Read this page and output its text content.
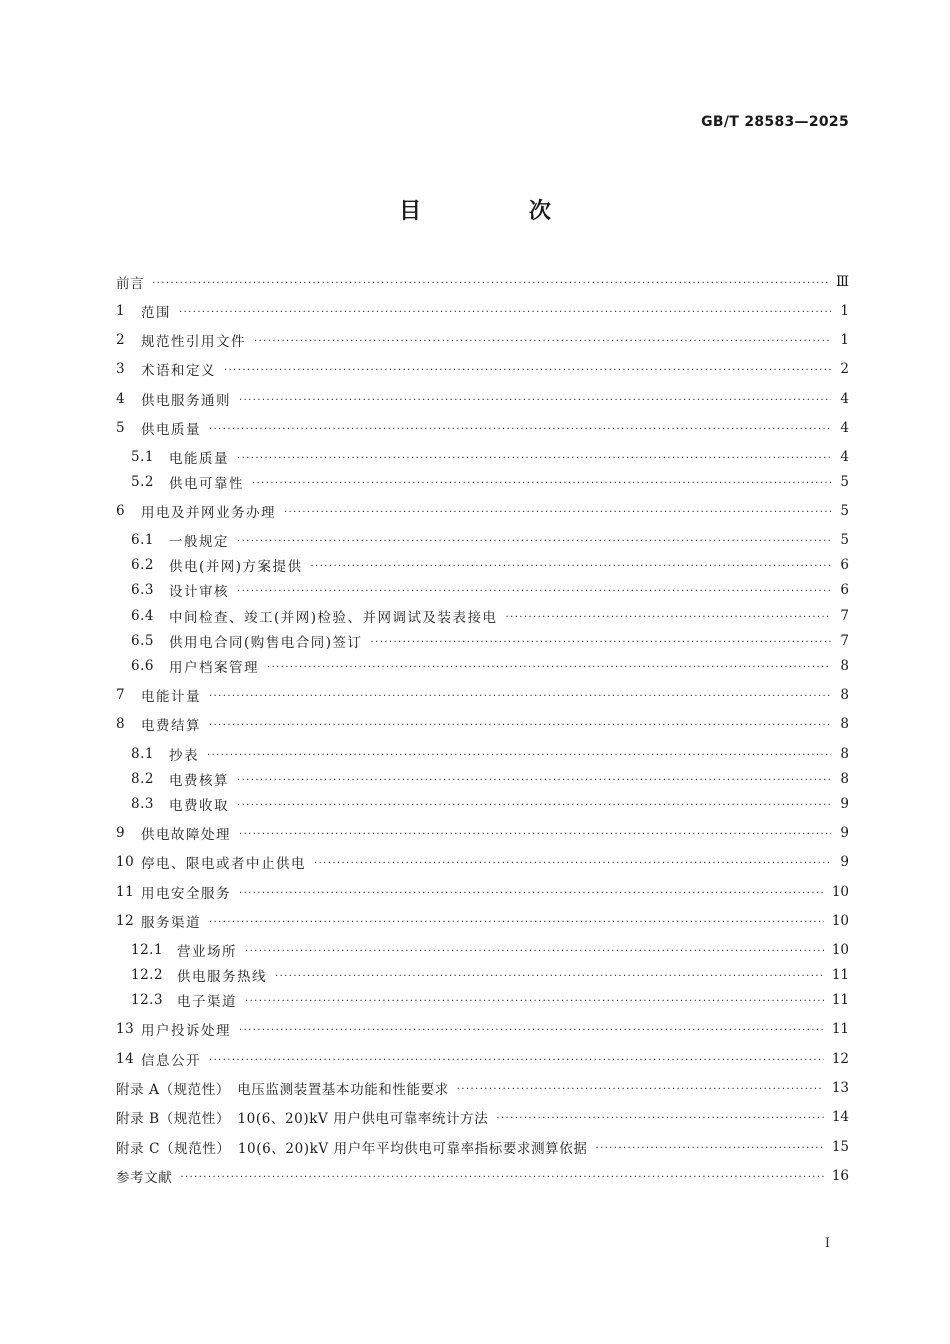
GB/T 28583—2025
目 次
前言 ·····	Ⅲ
1	范围 ·····	1
2	规范性引用文件 ·····	1
3	术语和定义 ·····	2
4	供电服务通则 ·····	4
5	供电质量 ·····	4
5.1	电能质量 ·····	4
5.2	供电可靠性 ·····	5
6	用电及并网业务办理 ·····	5
6.1	一般规定 ·····	5
6.2	供电(并网)方案提供 ·····	6
6.3	设计审核 ·····	6
6.4	中间检查、竣工(并网)检验、并网调试及装表接电 ·····	7
6.5	供用电合同(购售电合同)签订 ·····	7
6.6	用户档案管理 ·····	8
7	电能计量 ·····	8
8	电费结算 ·····	8
8.1	抄表 ·····	8
8.2	电费核算 ·····	8
8.3	电费收取 ·····	9
9	供电故障处理 ·····	9
10 停电、限电或者中止供电 ·····	9
11 用电安全服务 ·····	10
12 服务渠道 ·····	10
12.1	营业场所 ·····	10
12.2	供电服务热线 ·····	11
12.3	电子渠道 ·····	11
13 用户投诉处理 ·····	11
14 信息公开 ·····	12
附录 A（规范性）　电压监测装置基本功能和性能要求 ·····	13
附录 B（规范性）　10(6、20)kV 用户供电可靠率统计方法 ·····	14
附录 C（规范性）　10(6、20)kV 用户年平均供电可靠率指标要求测算依据 ·····	15
参考文献 ·····	16
I
